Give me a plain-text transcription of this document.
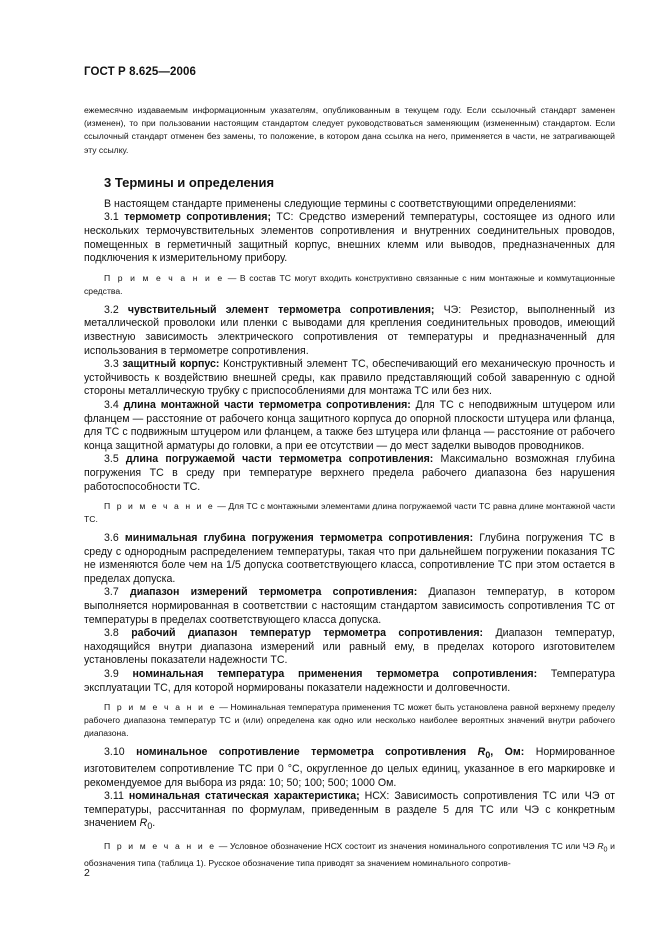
ГОСТ Р 8.625—2006

ежемесячно издаваемым информационным указателям, опубликованным в текущем году. Если ссылочный стандарт заменен (изменен), то при пользовании настоящим стандартом следует руководствоваться заменяющим (измененным) стандартом. Если ссылочный стандарт отменен без замены, то положение, в котором дана ссылка на него, применяется в части, не затрагивающей эту ссылку.

3 Термины и определения

В настоящем стандарте применены следующие термины с соответствующими определениями:

3.1 термометр сопротивления; ТС: Средство измерений температуры, состоящее из одного или нескольких термочувствительных элементов сопротивления и внутренних соединительных проводов, помещенных в герметичный защитный корпус, внешних клемм или выводов, предназначенных для подключения к измерительному прибору.

П р и м е ч а н и е — В состав ТС могут входить конструктивно связанные с ним монтажные и коммутационные средства.

3.2 чувствительный элемент термометра сопротивления; ЧЭ: Резистор, выполненный из металлической проволоки или пленки с выводами для крепления соединительных проводов, имеющий известную зависимость электрического сопротивления от температуры и предназначенный для использования в термометре сопротивления.

3.3 защитный корпус: Конструктивный элемент ТС, обеспечивающий его механическую прочность и устойчивость к воздействию внешней среды, как правило представляющий собой заваренную с одной стороны металлическую трубку с приспособлениями для монтажа ТС или без них.

3.4 длина монтажной части термометра сопротивления: Для ТС с неподвижным штуцером или фланцем — расстояние от рабочего конца защитного корпуса до опорной плоскости штуцера или фланца, для ТС с подвижным штуцером или фланцем, а также без штуцера или фланца — расстояние от рабочего конца защитной арматуры до головки, а при ее отсутствии — до мест заделки выводов проводников.

3.5 длина погружаемой части термометра сопротивления: Максимально возможная глубина погружения ТС в среду при температуре верхнего предела рабочего диапазона без нарушения работоспособности ТС.

П р и м е ч а н и е — Для ТС с монтажными элементами длина погружаемой части ТС равна длине монтажной части ТС.

3.6 минимальная глубина погружения термометра сопротивления: Глубина погружения ТС в среду с однородным распределением температуры, такая что при дальнейшем погружении показания ТС не изменяются боле чем на 1/5 допуска соответствующего класса, сопротивление ТС при этом остается в пределах допуска.

3.7 диапазон измерений термометра сопротивления: Диапазон температур, в котором выполняется нормированная в соответствии с настоящим стандартом зависимость сопротивления ТС от температуры в пределах соответствующего класса допуска.

3.8 рабочий диапазон температур термометра сопротивления: Диапазон температур, находящийся внутри диапазона измерений или равный ему, в пределах которого изготовителем установлены показатели надежности ТС.

3.9 номинальная температура применения термометра сопротивления: Температура эксплуатации ТС, для которой нормированы показатели надежности и долговечности.

П р и м е ч а н и е — Номинальная температура применения ТС может быть установлена равной верхнему пределу рабочего диапазона температур ТС и (или) определена как одно или несколько наиболее вероятных значений внутри рабочего диапазона.

3.10 номинальное сопротивление термометра сопротивления $R_0$, Ом: Нормированное изготовителем сопротивление ТС при 0 °С, округленное до целых единиц, указанное в его маркировке и рекомендуемое для выбора из ряда: 10; 50; 100; 500; 1000 Ом.

3.11 номинальная статическая характеристика; НСХ: Зависимость сопротивления ТС или ЧЭ от температуры, рассчитанная по формулам, приведенным в разделе 5 для ТС или ЧЭ с конкретным значением $R_0$.

П р и м е ч а н и е — Условное обозначение НСХ состоит из значения номинального сопротивления ТС или ЧЭ $R_0$ и обозначения типа (таблица 1). Русское обозначение типа приводят за значением номинального сопротив-

2
